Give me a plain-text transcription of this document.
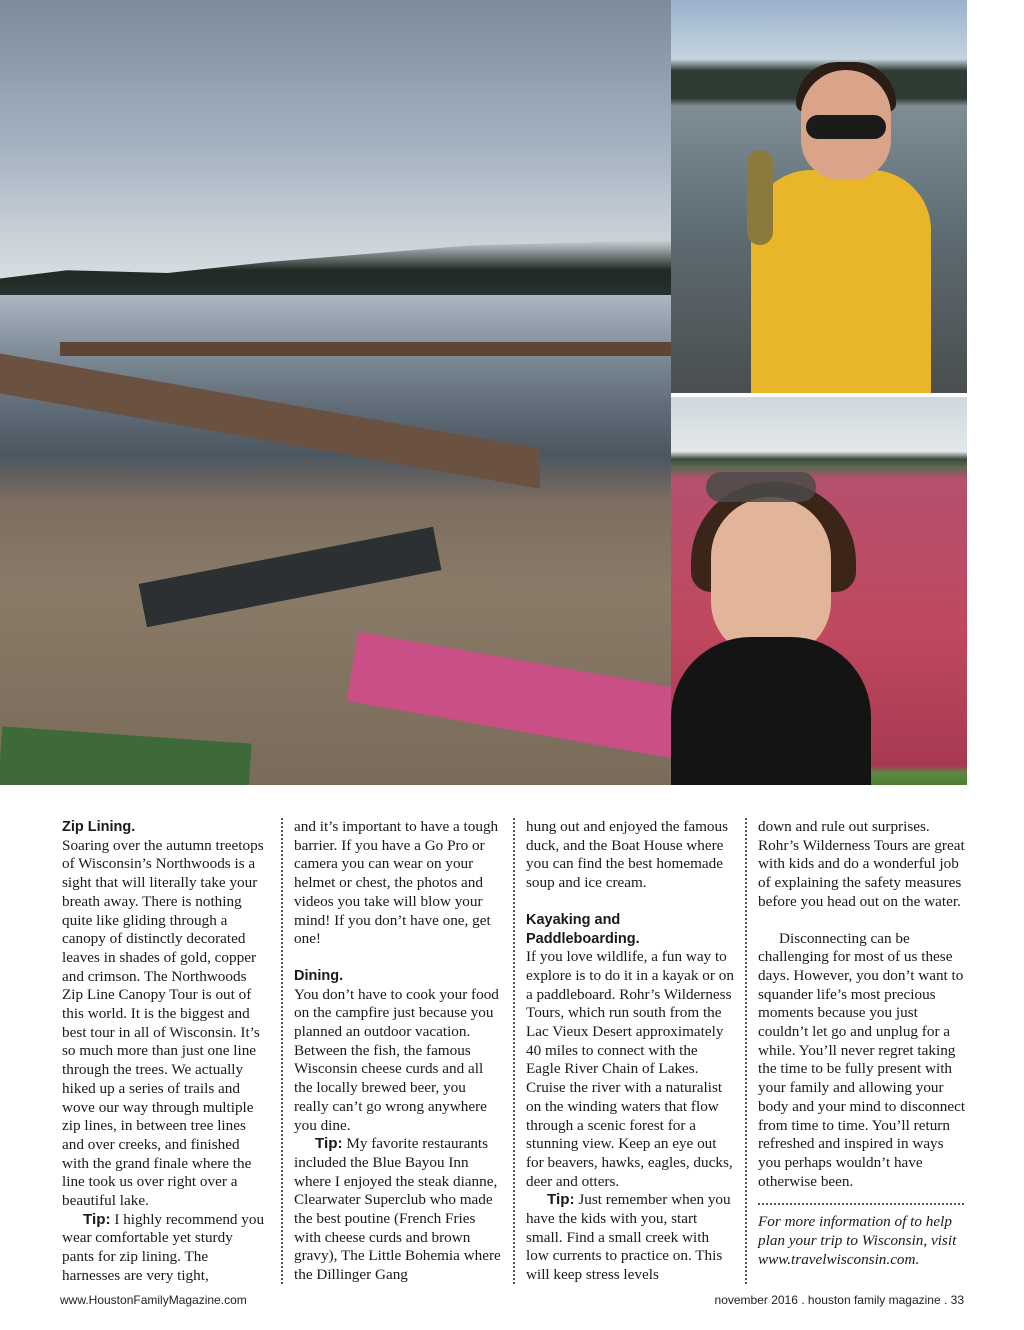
Zip Lining.

Soaring over the autumn treetops of Wisconsin’s Northwoods is a sight that will literally take your breath away. There is nothing quite like gliding through a canopy of distinctly decorated leaves in shades of gold, copper and crimson. The Northwoods Zip Line Canopy Tour is out of this world. It is the biggest and best tour in all of Wisconsin. It’s so much more than just one line through the trees. We actually hiked up a series of trails and wove our way through multiple zip lines, in between tree lines and over creeks, and finished with the grand finale where the line took us over right over a beautiful lake.

Tip: I highly recommend you wear comfortable yet sturdy pants for zip lining. The harnesses are very tight,

and it’s important to have a tough barrier. If you have a Go Pro or camera you can wear on your helmet or chest, the photos and videos you take will blow your mind! If you don’t have one, get one!

Dining.

You don’t have to cook your food on the campfire just because you planned an outdoor vacation. Between the fish, the famous Wisconsin cheese curds and all the locally brewed beer, you really can’t go wrong anywhere you dine.

Tip: My favorite restaurants included the Blue Bayou Inn where I enjoyed the steak dianne, Clearwater Superclub who made the best poutine (French Fries with cheese curds and brown gravy), The Little Bohemia where the Dillinger Gang

hung out and enjoyed the famous duck, and the Boat House where you can find the best homemade soup and ice cream.

Kayaking and
Paddleboarding.

If you love wildlife, a fun way to explore is to do it in a kayak or on a paddleboard. Rohr’s Wilderness Tours, which run south from the Lac Vieux Desert approximately 40 miles to connect with the Eagle River Chain of Lakes. Cruise the river with a naturalist on the winding waters that flow through a scenic forest for a stunning view. Keep an eye out for beavers, hawks, eagles, ducks, deer and otters.

Tip: Just remember when you have the kids with you, start small. Find a small creek with low currents to practice on. This will keep stress levels

down and rule out surprises. Rohr’s Wilderness Tours are great with kids and do a wonderful job of explaining the safety measures before you head out on the water.

Disconnecting can be challenging for most of us these days. However, you don’t want to squander life’s most precious moments because you just couldn’t let go and unplug for a while. You’ll never regret taking the time to be fully present with your family and allowing your body and your mind to disconnect from time to time. You’ll return refreshed and inspired in ways you perhaps wouldn’t have otherwise been.

For more information of to help plan your trip to Wisconsin, visit www.travelwisconsin.com.

www.HoustonFamilyMagazine.com	november 2016 . houston family magazine . 33
